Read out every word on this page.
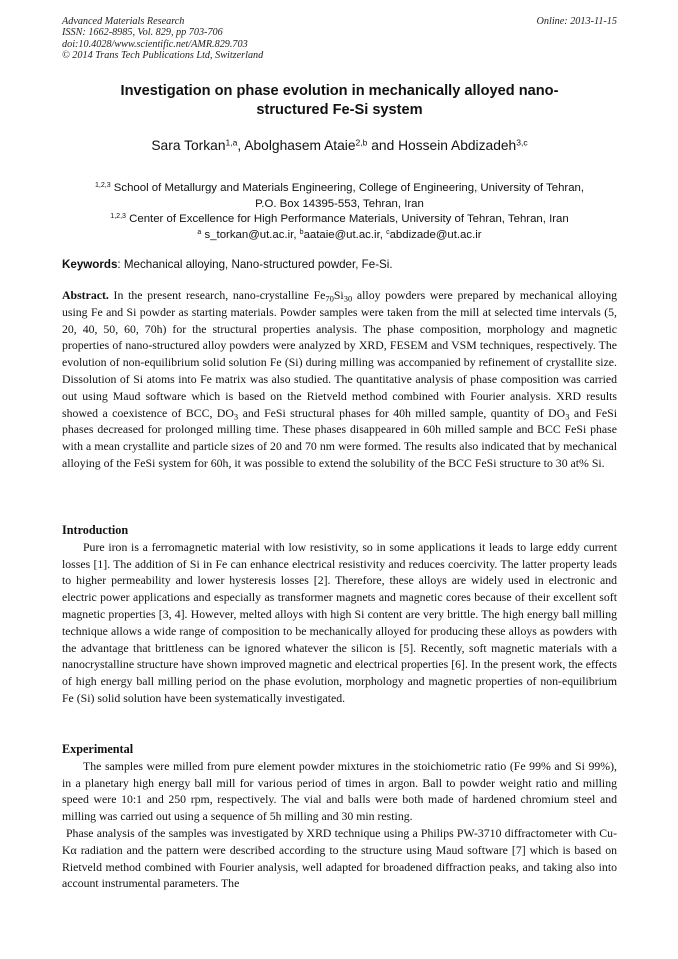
Advanced Materials Research
ISSN: 1662-8985, Vol. 829, pp 703-706
doi:10.4028/www.scientific.net/AMR.829.703
© 2014 Trans Tech Publications Ltd, Switzerland
Online: 2013-11-15
Investigation on phase evolution in mechanically alloyed nano-
structured Fe-Si system
Sara Torkan$^{1,a}$, Abolghasem Ataie$^{2,b}$ and Hossein Abdizadeh$^{3,c}$
$^{1,2,3}$ School of Metallurgy and Materials Engineering, College of Engineering, University of Tehran,
P.O. Box 14395-553, Tehran, Iran
$^{1,2,3}$ Center of Excellence for High Performance Materials, University of Tehran, Tehran, Iran
$^a$ s_torkan@ut.ac.ir, $^b$aataie@ut.ac.ir, $^c$abdizade@ut.ac.ir
Keywords: Mechanical alloying, Nano-structured powder, Fe-Si.
Abstract. In the present research, nano-crystalline $Fe_{70}Si_{30}$ alloy powders were prepared by mechanical alloying using Fe and Si powder as starting materials. Powder samples were taken from the mill at selected time intervals (5, 20, 40, 50, 60, 70h) for the structural properties analysis. The phase composition, morphology and magnetic properties of nano-structured alloy powders were analyzed by XRD, FESEM and VSM techniques, respectively. The evolution of non-equilibrium solid solution Fe (Si) during milling was accompanied by refinement of crystallite size. Dissolution of Si atoms into Fe matrix was also studied. The quantitative analysis of phase composition was carried out using Maud software which is based on the Rietveld method combined with Fourier analysis. XRD results showed a coexistence of BCC, $DO_3$ and FeSi structural phases for 40h milled sample, quantity of $DO_3$ and FeSi phases decreased for prolonged milling time. These phases disappeared in 60h milled sample and BCC FeSi phase with a mean crystallite and particle sizes of 20 and 70 nm were formed. The results also indicated that by mechanical alloying of the FeSi system for 60h, it was possible to extend the solubility of the BCC FeSi structure to 30 at% Si.
Introduction

Pure iron is a ferromagnetic material with low resistivity, so in some applications it leads to large eddy current losses [1]. The addition of Si in Fe can enhance electrical resistivity and reduces coercivity. The latter property leads to higher permeability and lower hysteresis losses [2]. Therefore, these alloys are widely used in electronic and electric power applications and especially as transformer magnets and magnetic cores because of their excellent soft magnetic properties [3, 4]. However, melted alloys with high Si content are very brittle. The high energy ball milling technique allows a wide range of composition to be mechanically alloyed for producing these alloys as powders with the advantage that brittleness can be ignored whatever the silicon is [5]. Recently, soft magnetic materials with a nanocrystalline structure have shown improved magnetic and electrical properties [6]. In the present work, the effects of high energy ball milling period on the phase evolution, morphology and magnetic properties of non-equilibrium Fe (Si) solid solution have been systematically investigated.

Experimental

The samples were milled from pure element powder mixtures in the stoichiometric ratio (Fe 99% and Si 99%), in a planetary high energy ball mill for various period of times in argon. Ball to powder weight ratio and milling speed were 10:1 and 250 rpm, respectively. The vial and balls were both made of hardened chromium steel and milling was carried out using a sequence of 5h milling and 30 min resting.

Phase analysis of the samples was investigated by XRD technique using a Philips PW-3710 diffractometer with Cu-Kα radiation and the pattern were described according to the structure using Maud software [7] which is based on Rietveld method combined with Fourier analysis, well adapted for broadened diffraction peaks, and taking also into account instrumental parameters. The
